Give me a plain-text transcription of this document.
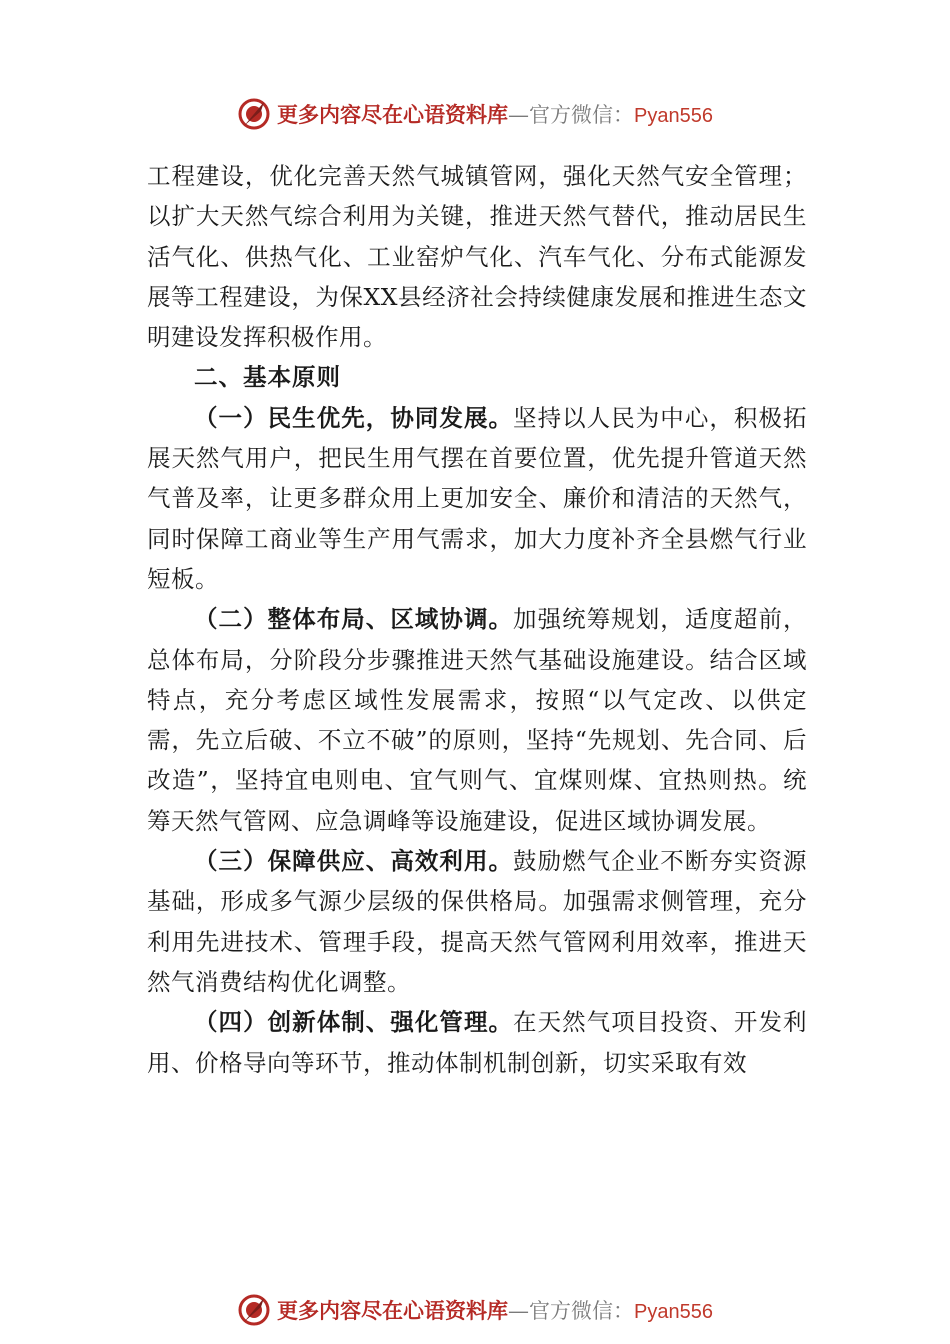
更多内容尽在心语资料库—官方微信：Pyan556

工程建设，优化完善天然气城镇管网，强化天然气安全管理；以扩大天然气综合利用为关键，推进天然气替代，推动居民生活气化、供热气化、工业窑炉气化、汽车气化、分布式能源发展等工程建设，为保XX县经济社会持续健康发展和推进生态文明建设发挥积极作用。

二、基本原则

（一）民生优先，协同发展。坚持以人民为中心，积极拓展天然气用户，把民生用气摆在首要位置，优先提升管道天然气普及率，让更多群众用上更加安全、廉价和清洁的天然气，同时保障工商业等生产用气需求，加大力度补齐全县燃气行业短板。

（二）整体布局、区域协调。加强统筹规划，适度超前，总体布局，分阶段分步骤推进天然气基础设施建设。结合区域特点，充分考虑区域性发展需求，按照“以气定改、以供定需，先立后破、不立不破”的原则，坚持“先规划、先合同、后改造”，坚持宜电则电、宜气则气、宜煤则煤、宜热则热。统筹天然气管网、应急调峰等设施建设，促进区域协调发展。

（三）保障供应、高效利用。鼓励燃气企业不断夯实资源基础，形成多气源少层级的保供格局。加强需求侧管理，充分利用先进技术、管理手段，提高天然气管网利用效率，推进天然气消费结构优化调整。

（四）创新体制、强化管理。在天然气项目投资、开发利用、价格导向等环节，推动体制机制创新，切实采取有效

更多内容尽在心语资料库—官方微信：Pyan556
